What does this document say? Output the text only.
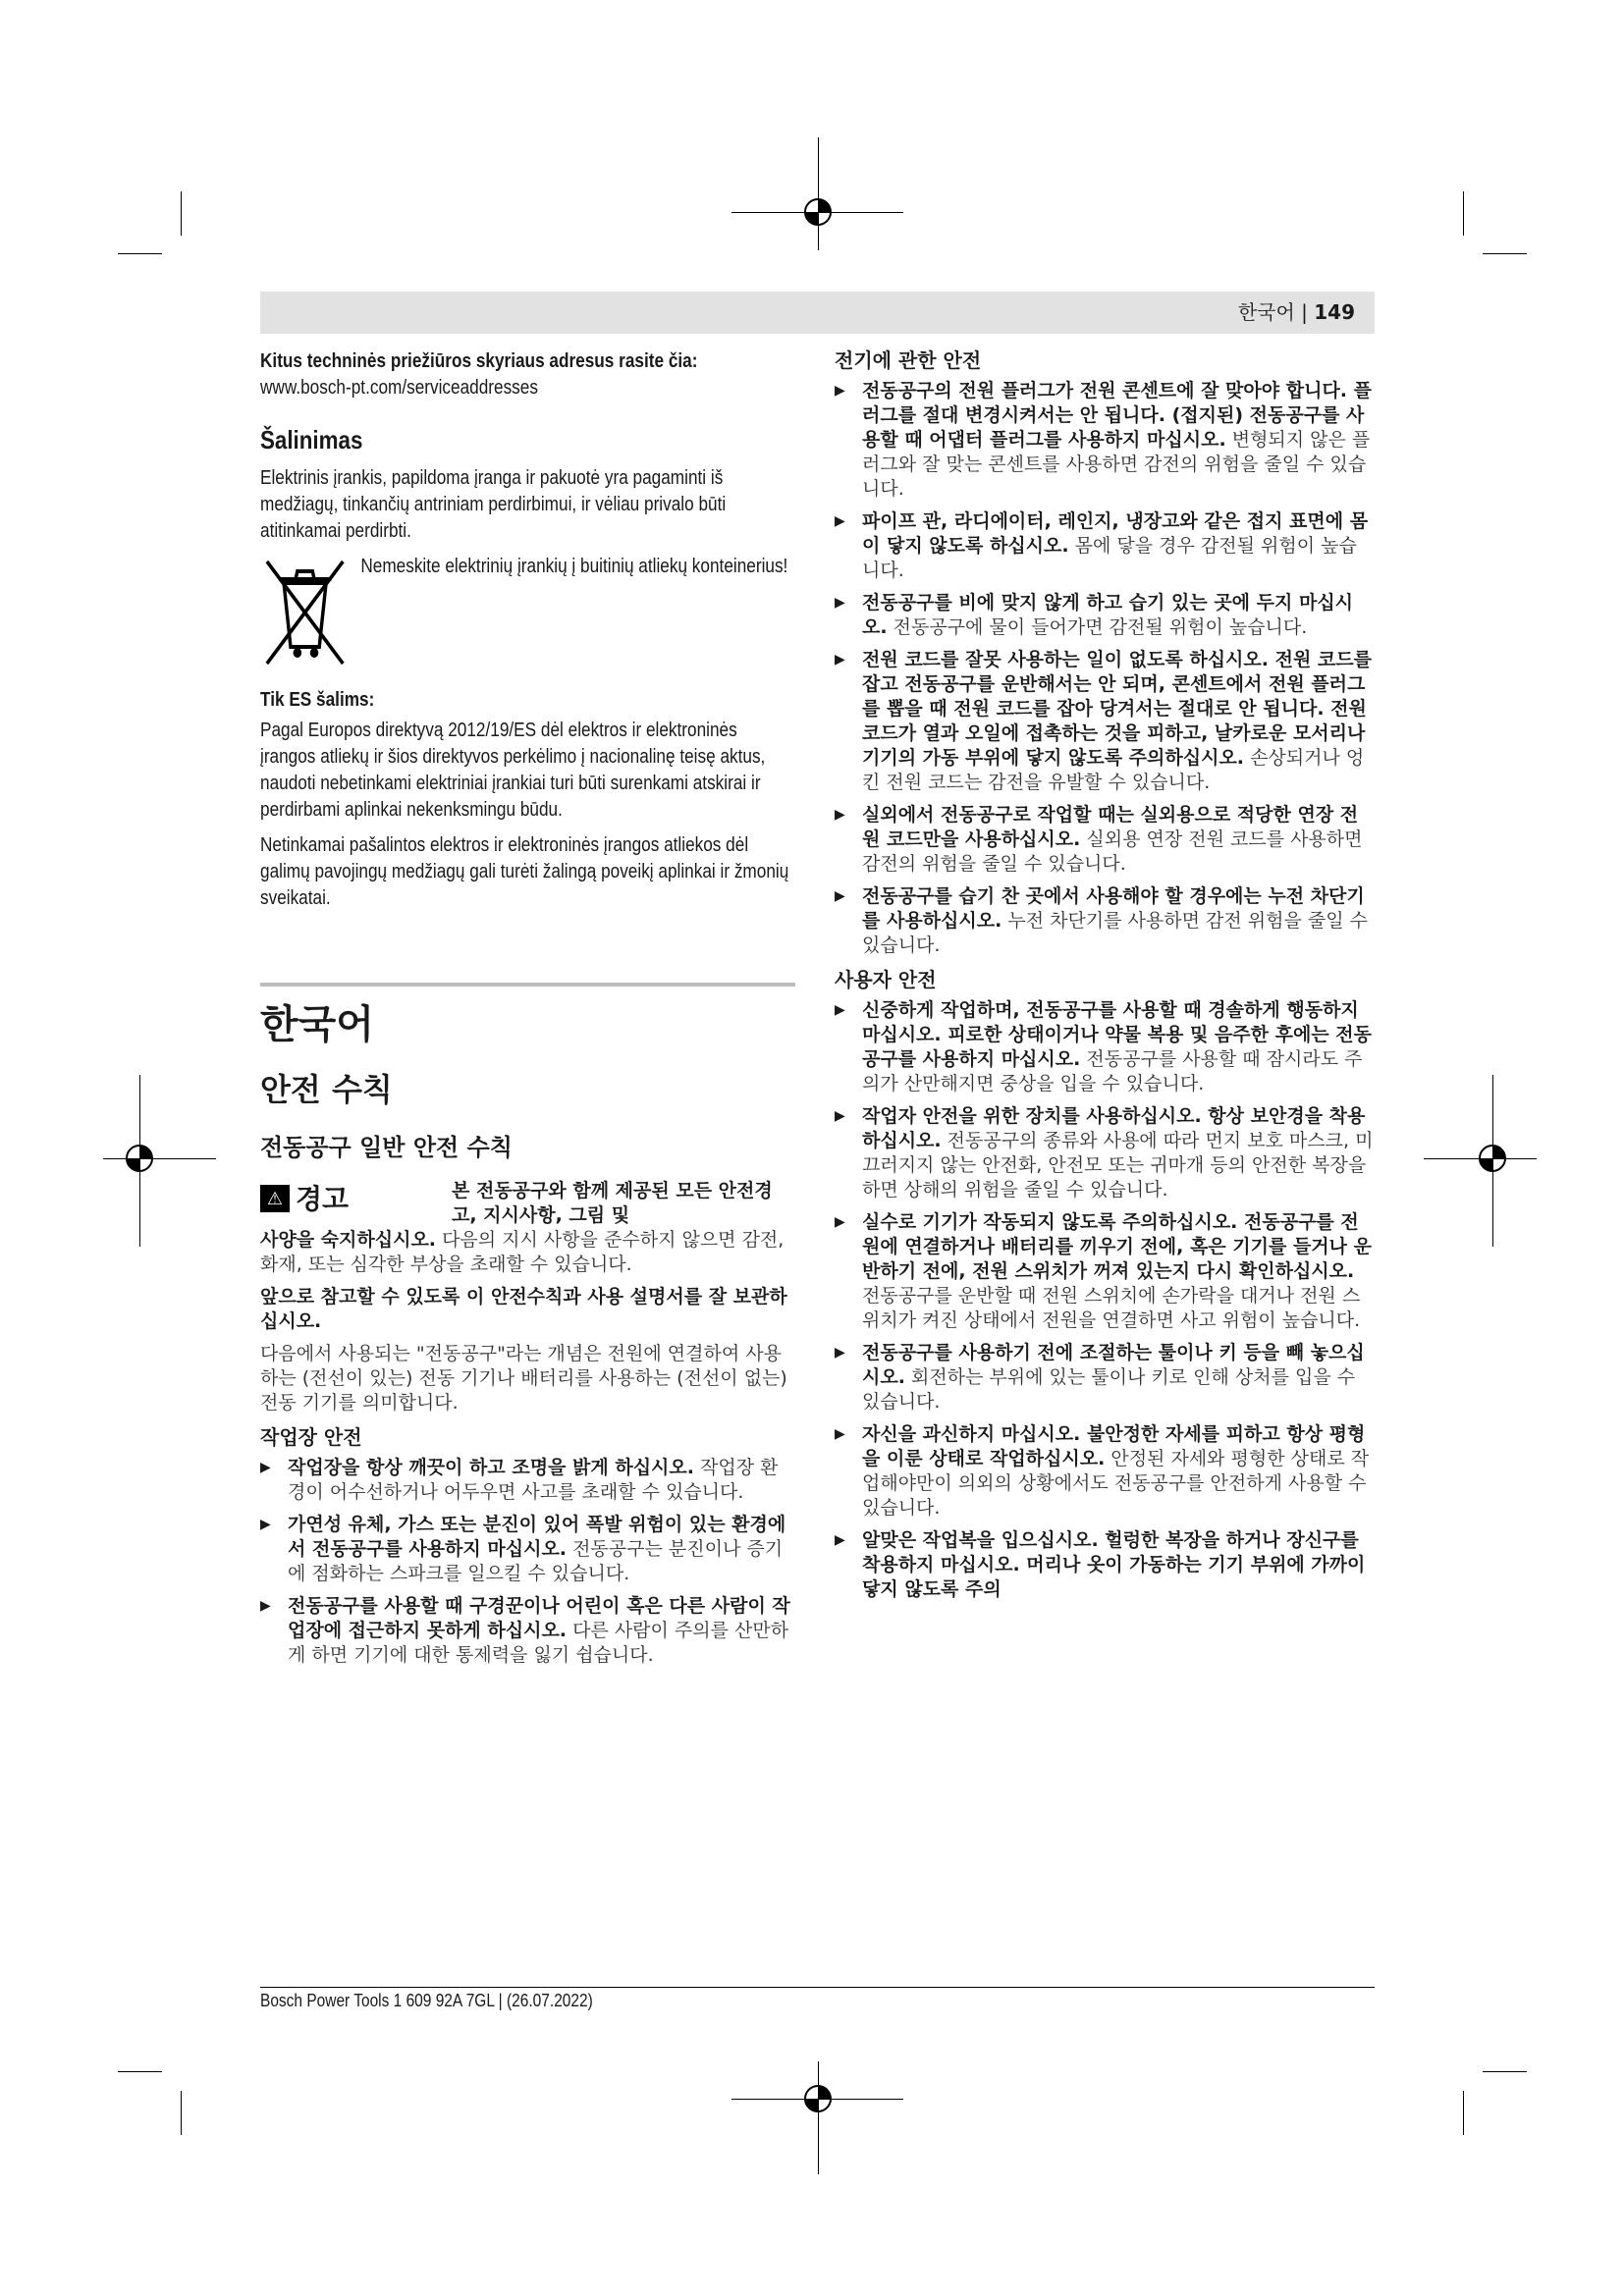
한국어 | 149

Kitus techninės priežiūros skyriaus adresus rasite čia:

www.bosch-pt.com/serviceaddresses

Šalinimas

Elektrinis įrankis, papildoma įranga ir pakuotė yra pagaminti iš medžiagų, tinkančių antriniam perdirbimui, ir vėliau privalo būti atitinkamai perdirbti.

Nemeskite elektrinių įrankių į buitinių atliekų konteinerius!

Tik ES šalims:

Pagal Europos direktyvą 2012/19/ES dėl elektros ir elektroninės įrangos atliekų ir šios direktyvos perkėlimo į nacionalinę teisę aktus, naudoti nebetinkami elektriniai įrankiai turi būti surenkami atskirai ir perdirbami aplinkai nekenksmingu būdu.

Netinkamai pašalintos elektros ir elektroninės įrangos atliekos dėl galimų pavojingų medžiagų gali turėti žalingą poveikį aplinkai ir žmonių sveikatai.

한국어
안전 수칙
전동공구 일반 안전 수칙
⚠ 경고	본 전동공구와 함께 제공된 모든 안전경고, 지시사항, 그림 및

사양을 숙지하십시오. 다음의 지시 사항을 준수하지 않으면 감전, 화재, 또는 심각한 부상을 초래할 수 있습니다.

앞으로 참고할 수 있도록 이 안전수칙과 사용 설명서를 잘 보관하십시오.

다음에서 사용되는 "전동공구"라는 개념은 전원에 연결하여 사용하는 (전선이 있는) 전동 기기나 배터리를 사용하는 (전선이 없는) 전동 기기를 의미합니다.

작업장 안전
▶ 작업장을 항상 깨끗이 하고 조명을 밝게 하십시오. 작업장 환경이 어수선하거나 어두우면 사고를 초래할 수 있습니다.
▶ 가연성 유체, 가스 또는 분진이 있어 폭발 위험이 있는 환경에서 전동공구를 사용하지 마십시오. 전동공구는 분진이나 증기에 점화하는 스파크를 일으킬 수 있습니다.
▶ 전동공구를 사용할 때 구경꾼이나 어린이 혹은 다른 사람이 작업장에 접근하지 못하게 하십시오. 다른 사람이 주의를 산만하게 하면 기기에 대한 통제력을 잃기 쉽습니다.
전기에 관한 안전
▶ 전동공구의 전원 플러그가 전원 콘센트에 잘 맞아야 합니다. 플러그를 절대 변경시켜서는 안 됩니다. (접지된) 전동공구를 사용할 때 어댑터 플러그를 사용하지 마십시오. 변형되지 않은 플러그와 잘 맞는 콘센트를 사용하면 감전의 위험을 줄일 수 있습니다.
▶ 파이프 관, 라디에이터, 레인지, 냉장고와 같은 접지 표면에 몸이 닿지 않도록 하십시오. 몸에 닿을 경우 감전될 위험이 높습니다.
▶ 전동공구를 비에 맞지 않게 하고 습기 있는 곳에 두지 마십시오. 전동공구에 물이 들어가면 감전될 위험이 높습니다.
▶ 전원 코드를 잘못 사용하는 일이 없도록 하십시오. 전원 코드를 잡고 전동공구를 운반해서는 안 되며, 콘센트에서 전원 플러그를 뽑을 때 전원 코드를 잡아 당겨서는 절대로 안 됩니다. 전원 코드가 열과 오일에 접촉하는 것을 피하고, 날카로운 모서리나 기기의 가동 부위에 닿지 않도록 주의하십시오. 손상되거나 엉킨 전원 코드는 감전을 유발할 수 있습니다.
▶ 실외에서 전동공구로 작업할 때는 실외용으로 적당한 연장 전원 코드만을 사용하십시오. 실외용 연장 전원 코드를 사용하면 감전의 위험을 줄일 수 있습니다.
▶ 전동공구를 습기 찬 곳에서 사용해야 할 경우에는 누전 차단기를 사용하십시오. 누전 차단기를 사용하면 감전 위험을 줄일 수 있습니다.
사용자 안전
▶ 신중하게 작업하며, 전동공구를 사용할 때 경솔하게 행동하지 마십시오. 피로한 상태이거나 약물 복용 및 음주한 후에는 전동공구를 사용하지 마십시오. 전동공구를 사용할 때 잠시라도 주의가 산만해지면 중상을 입을 수 있습니다.
▶ 작업자 안전을 위한 장치를 사용하십시오. 항상 보안경을 착용하십시오. 전동공구의 종류와 사용에 따라 먼지 보호 마스크, 미끄러지지 않는 안전화, 안전모 또는 귀마개 등의 안전한 복장을 하면 상해의 위험을 줄일 수 있습니다.
▶ 실수로 기기가 작동되지 않도록 주의하십시오. 전동공구를 전원에 연결하거나 배터리를 끼우기 전에, 혹은 기기를 들거나 운반하기 전에, 전원 스위치가 꺼져 있는지 다시 확인하십시오. 전동공구를 운반할 때 전원 스위치에 손가락을 대거나 전원 스위치가 켜진 상태에서 전원을 연결하면 사고 위험이 높습니다.
▶ 전동공구를 사용하기 전에 조절하는 툴이나 키 등을 빼 놓으십시오. 회전하는 부위에 있는 툴이나 키로 인해 상처를 입을 수 있습니다.
▶ 자신을 과신하지 마십시오. 불안정한 자세를 피하고 항상 평형을 이룬 상태로 작업하십시오. 안정된 자세와 평형한 상태로 작업해야만이 의외의 상황에서도 전동공구를 안전하게 사용할 수 있습니다.
▶ 알맞은 작업복을 입으십시오. 헐렁한 복장을 하거나 장신구를 착용하지 마십시오. 머리나 옷이 가동하는 기기 부위에 가까이 닿지 않도록 주의
Bosch Power Tools 1 609 92A 7GL | (26.07.2022)
